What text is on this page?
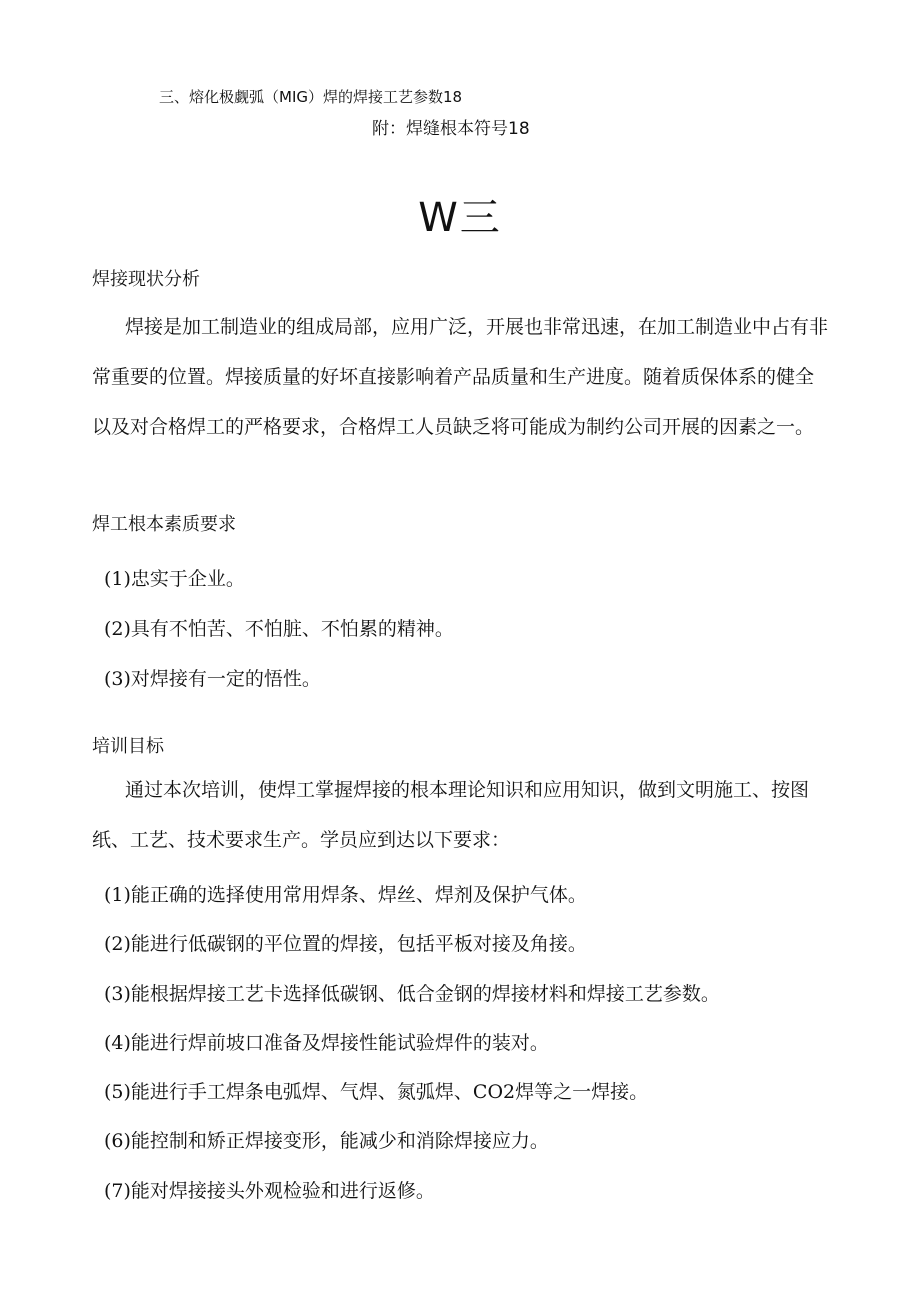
三、熔化极觑弧（MIG）焊的焊接工艺参数18
附：焊缝根本符号18
W三
焊接现状分析

焊接是加工制造业的组成局部，应用广泛，开展也非常迅速，在加工制造业中占有非常重要的位置。焊接质量的好坏直接影响着产品质量和生产进度。随着质保体系的健全以及对合格焊工的严格要求，合格焊工人员缺乏将可能成为制约公司开展的因素之一。

焊工根本素质要求
(1)忠实于企业。
(2)具有不怕苦、不怕脏、不怕累的精神。
(3)对焊接有一定的悟性。
培训目标

通过本次培训，使焊工掌握焊接的根本理论知识和应用知识，做到文明施工、按图纸、工艺、技术要求生产。学员应到达以下要求：

(1)能正确的选择使用常用焊条、焊丝、焊剂及保护气体。
(2)能进行低碳钢的平位置的焊接，包括平板对接及角接。
(3)能根据焊接工艺卡选择低碳钢、低合金钢的焊接材料和焊接工艺参数。
(4)能进行焊前坡口准备及焊接性能试验焊件的装对。
(5)能进行手工焊条电弧焊、气焊、氮弧焊、CO2焊等之一焊接。
(6)能控制和矫正焊接变形，能减少和消除焊接应力。
(7)能对焊接接头外观检验和进行返修。
